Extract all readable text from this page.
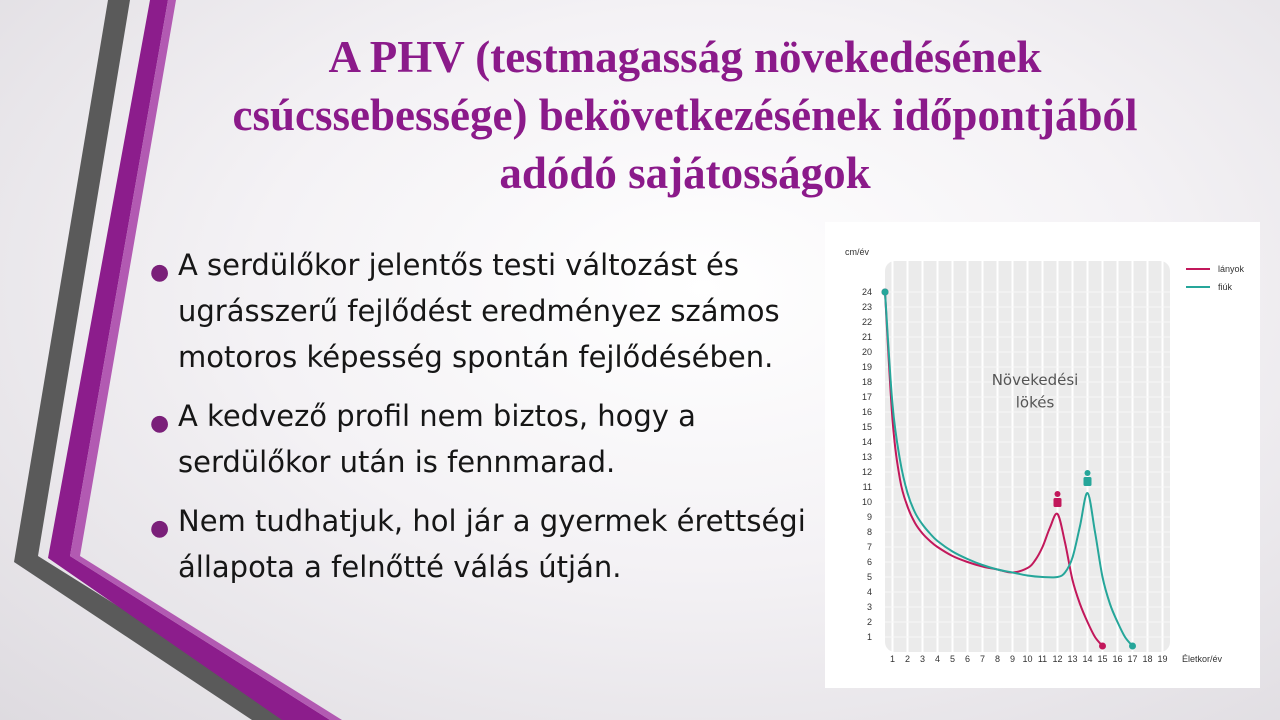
A PHV (testmagasság növekedésének csúcssebessége) bekövetkezésének időpontjából adódó sajátosságok
● A serdülőkor jelentős testi változást és ugrásszerű fejlődést eredményez számos motoros képesség spontán fejlődésében.
● A kedvező profil nem biztos, hogy a serdülőkor után is fennmarad.
● Nem tudhatjuk, hol jár a gyermek érettségi állapota a felnőtté válás útján.
1
2
3
4
5
6
7
8
9
10
11
12
13
14
15
16
17
18
19
20
21
22
23
24
1 2 3 4 5 6 7 8 9 10 11 12 13 14 15 16 17 18 19
cm/év
Életkor/év
Növekedési
lökés
lányok
fiúk
